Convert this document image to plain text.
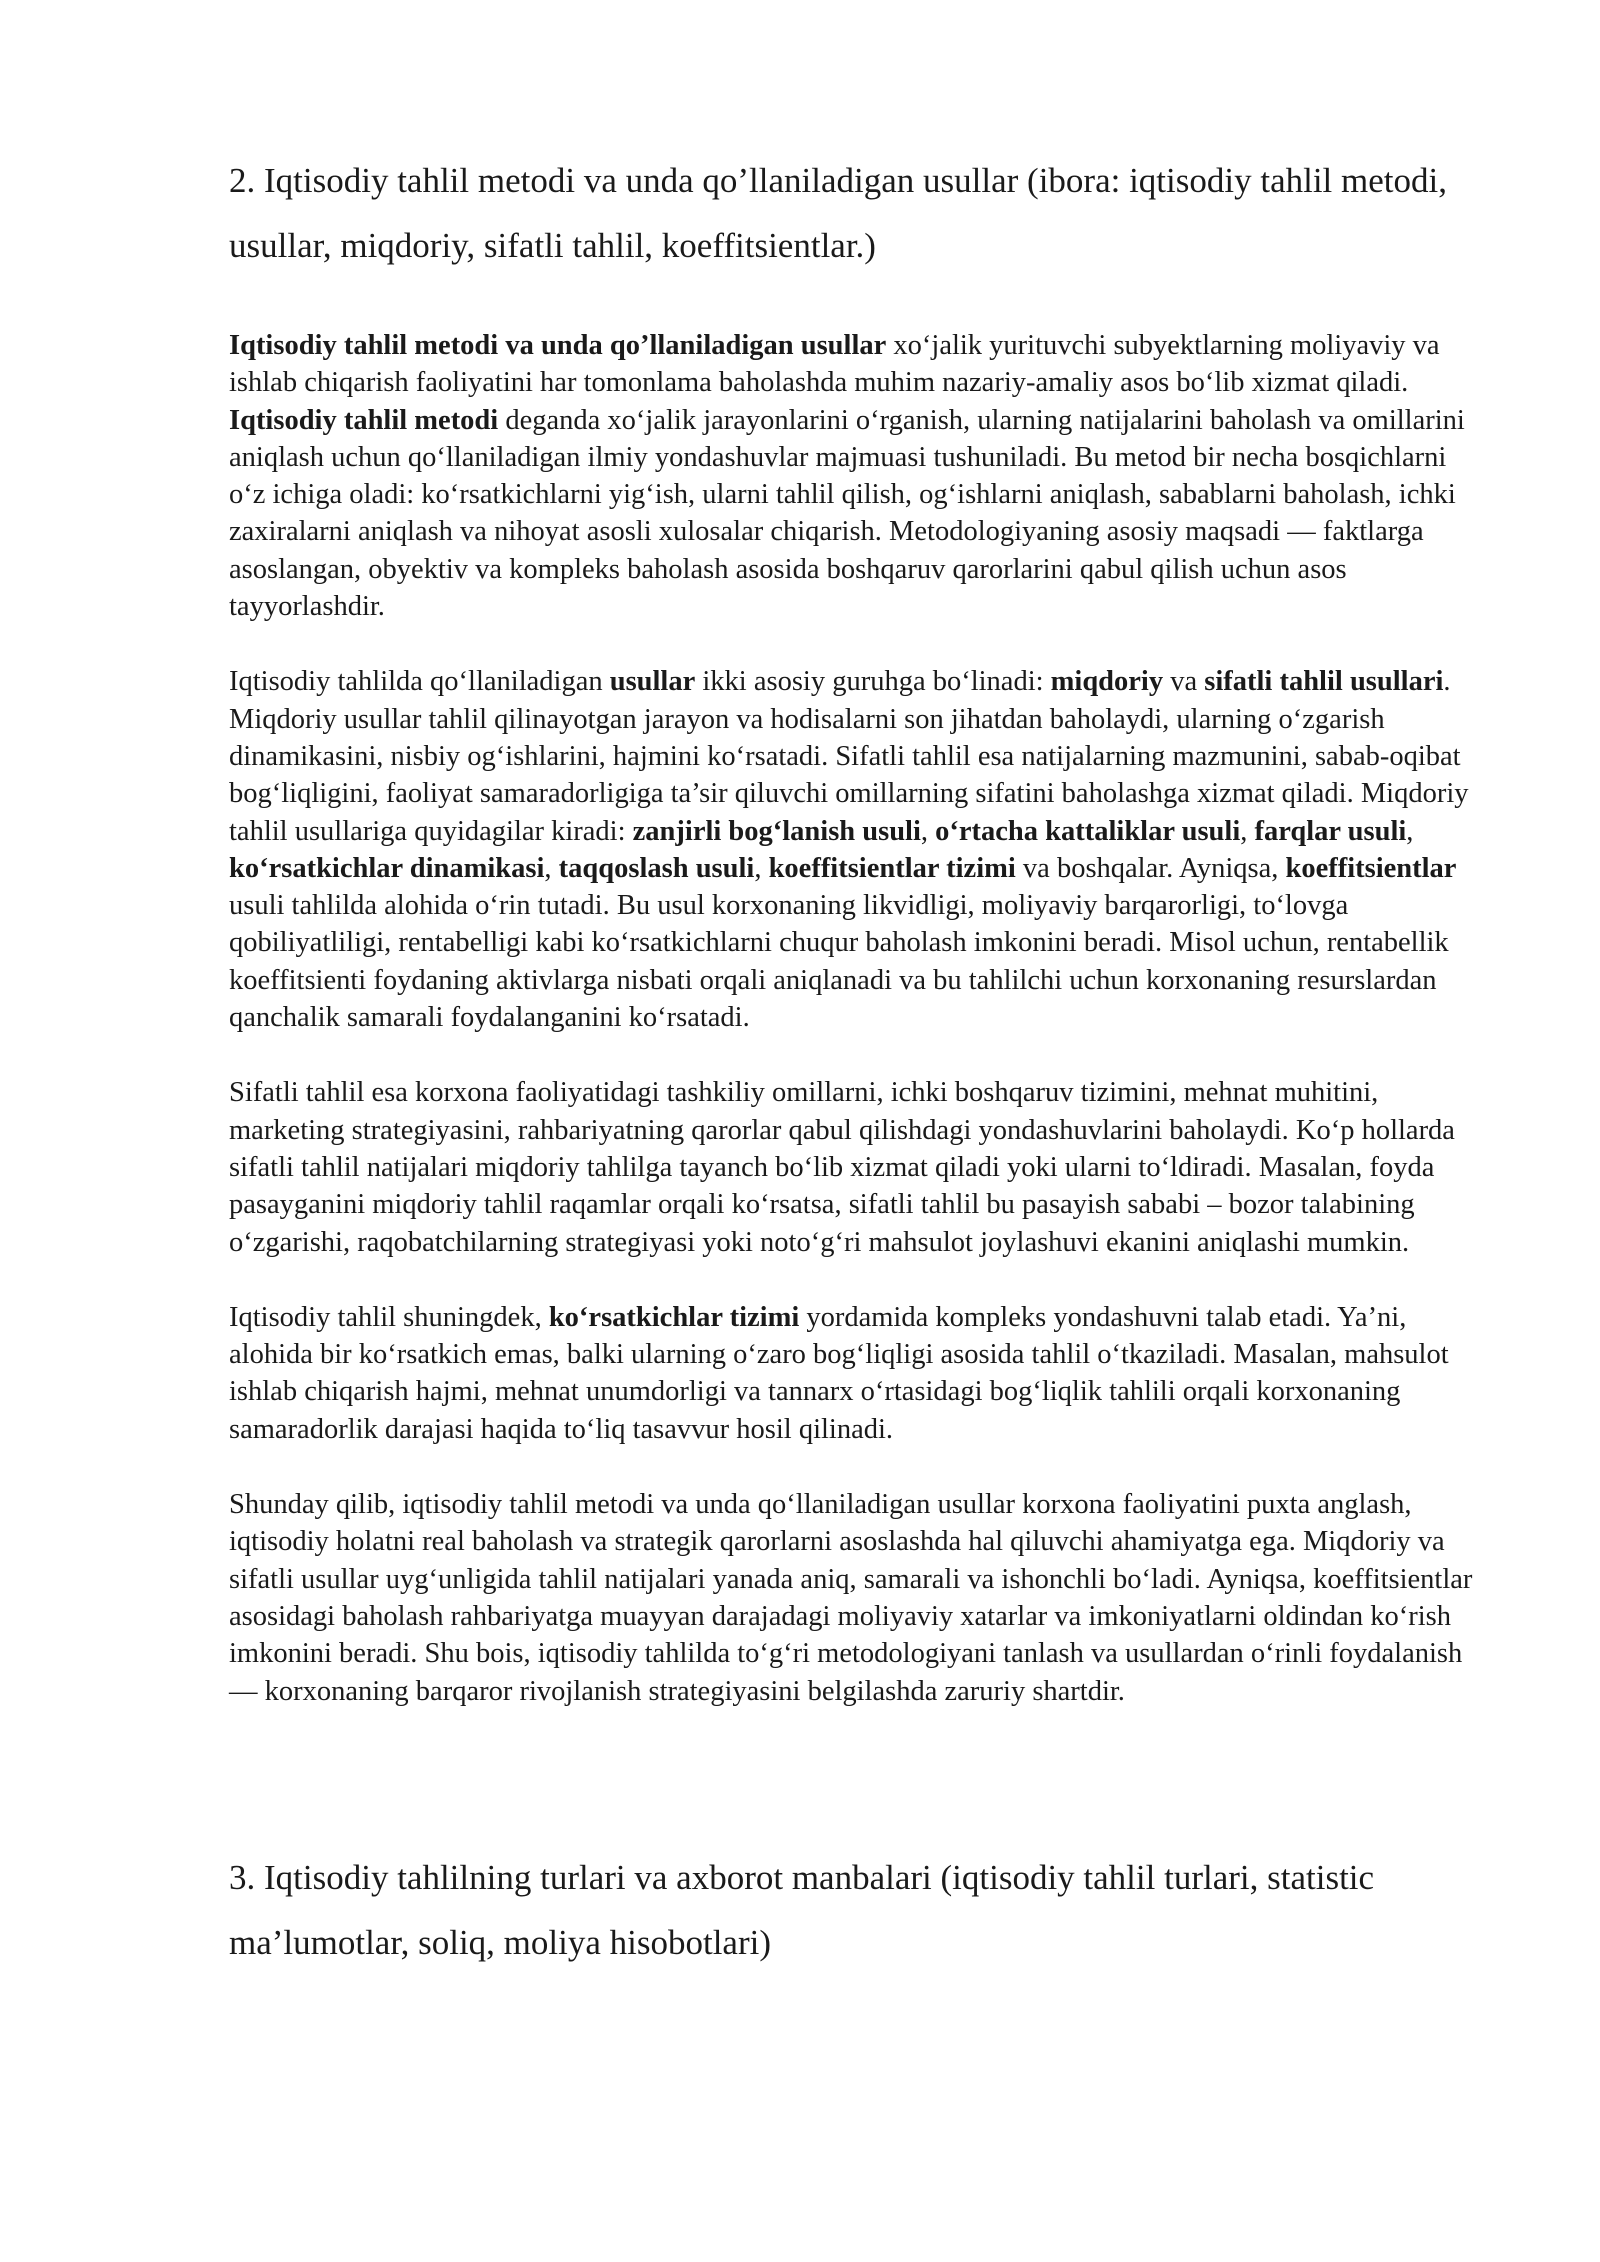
2. Iqtisodiy tahlil metodi va unda qo’llaniladigan usullar (ibora: iqtisodiy tahlil metodi, usullar, miqdoriy, sifatli tahlil, koeffitsientlar.)

Iqtisodiy tahlil metodi va unda qo’llaniladigan usullar xo‘jalik yurituvchi subyektlarning moliyaviy va ishlab chiqarish faoliyatini har tomonlama baholashda muhim nazariy-amaliy asos bo‘lib xizmat qiladi. Iqtisodiy tahlil metodi deganda xo‘jalik jarayonlarini o‘rganish, ularning natijalarini baholash va omillarini aniqlash uchun qo‘llaniladigan ilmiy yondashuvlar majmuasi tushuniladi. Bu metod bir necha bosqichlarni o‘z ichiga oladi: ko‘rsatkichlarni yig‘ish, ularni tahlil qilish, og‘ishlarni aniqlash, sabablarni baholash, ichki zaxiralarni aniqlash va nihoyat asosli xulosalar chiqarish. Metodologiyaning asosiy maqsadi — faktlarga asoslangan, obyektiv va kompleks baholash asosida boshqaruv qarorlarini qabul qilish uchun asos tayyorlashdir.

Iqtisodiy tahlilda qo‘llaniladigan usullar ikki asosiy guruhga bo‘linadi: miqdoriy va sifatli tahlil usullari. Miqdoriy usullar tahlil qilinayotgan jarayon va hodisalarni son jihatdan baholaydi, ularning o‘zgarish dinamikasini, nisbiy og‘ishlarini, hajmini ko‘rsatadi. Sifatli tahlil esa natijalarning mazmunini, sabab-oqibat bog‘liqligini, faoliyat samaradorligiga ta’sir qiluvchi omillarning sifatini baholashga xizmat qiladi. Miqdoriy tahlil usullariga quyidagilar kiradi: zanjirli bog‘lanish usuli, o‘rtacha kattaliklar usuli, farqlar usuli, ko‘rsatkichlar dinamikasi, taqqoslash usuli, koeffitsientlar tizimi va boshqalar. Ayniqsa, koeffitsientlar usuli tahlilda alohida o‘rin tutadi. Bu usul korxonaning likvidligi, moliyaviy barqarorligi, to‘lovga qobiliyatliligi, rentabelligi kabi ko‘rsatkichlarni chuqur baholash imkonini beradi. Misol uchun, rentabellik koeffitsienti foydaning aktivlarga nisbati orqali aniqlanadi va bu tahlilchi uchun korxonaning resurslardan qanchalik samarali foydalanganini ko‘rsatadi.

Sifatli tahlil esa korxona faoliyatidagi tashkiliy omillarni, ichki boshqaruv tizimini, mehnat muhitini, marketing strategiyasini, rahbariyatning qarorlar qabul qilishdagi yondashuvlarini baholaydi. Ko‘p hollarda sifatli tahlil natijalari miqdoriy tahlilga tayanch bo‘lib xizmat qiladi yoki ularni to‘ldiradi. Masalan, foyda pasayganini miqdoriy tahlil raqamlar orqali ko‘rsatsa, sifatli tahlil bu pasayish sababi – bozor talabining o‘zgarishi, raqobatchilarning strategiyasi yoki noto‘g‘ri mahsulot joylashuvi ekanini aniqlashi mumkin.

Iqtisodiy tahlil shuningdek, ko‘rsatkichlar tizimi yordamida kompleks yondashuvni talab etadi. Ya’ni, alohida bir ko‘rsatkich emas, balki ularning o‘zaro bog‘liqligi asosida tahlil o‘tkaziladi. Masalan, mahsulot ishlab chiqarish hajmi, mehnat unumdorligi va tannarx o‘rtasidagi bog‘liqlik tahlili orqali korxonaning samaradorlik darajasi haqida to‘liq tasavvur hosil qilinadi.

Shunday qilib, iqtisodiy tahlil metodi va unda qo‘llaniladigan usullar korxona faoliyatini puxta anglash, iqtisodiy holatni real baholash va strategik qarorlarni asoslashda hal qiluvchi ahamiyatga ega. Miqdoriy va sifatli usullar uyg‘unligida tahlil natijalari yanada aniq, samarali va ishonchli bo‘ladi. Ayniqsa, koeffitsientlar asosidagi baholash rahbariyatga muayyan darajadagi moliyaviy xatarlar va imkoniyatlarni oldindan ko‘rish imkonini beradi. Shu bois, iqtisodiy tahlilda to‘g‘ri metodologiyani tanlash va usullardan o‘rinli foydalanish — korxonaning barqaror rivojlanish strategiyasini belgilashda zaruriy shartdir.

3. Iqtisodiy tahlilning turlari va axborot manbalari (iqtisodiy tahlil turlari, statistic ma’lumotlar, soliq, moliya hisobotlari)
